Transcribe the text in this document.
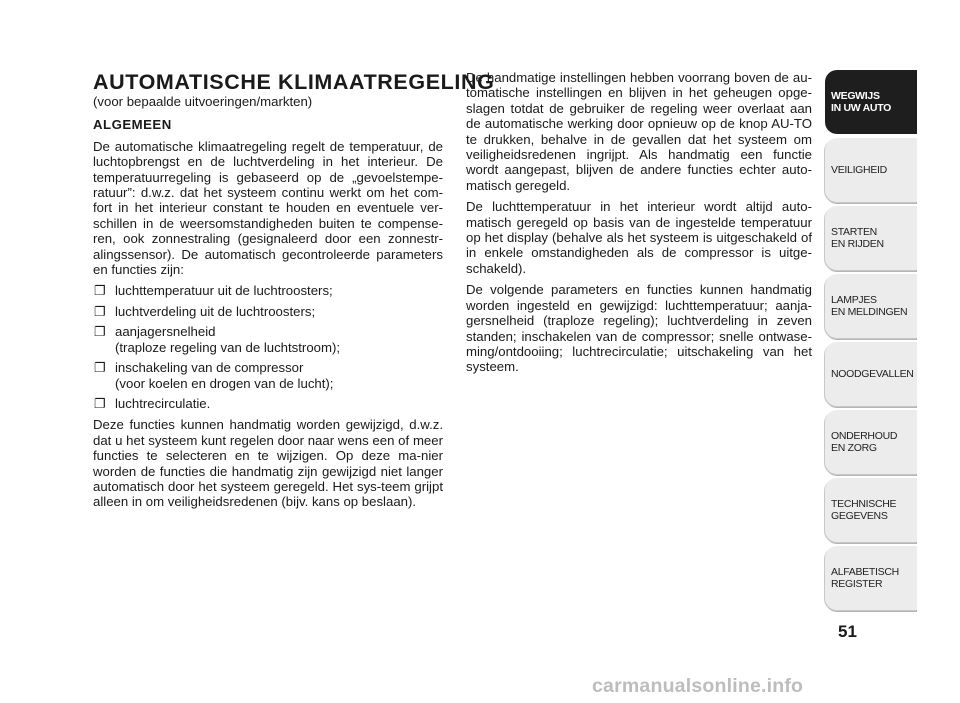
AUTOMATISCHE KLIMAATREGELING
(voor bepaalde uitvoeringen/markten)
ALGEMEEN

De automatische klimaatregeling regelt de temperatuur, de luchtopbrengst en de luchtverdeling in het interieur. De temperatuurregeling is gebaseerd op de „gevoelstempe-ratuur”: d.w.z. dat het systeem continu werkt om het com-fort in het interieur constant te houden en eventuele ver-schillen in de weersomstandigheden buiten te compense-ren, ook zonnestraling (gesignaleerd door een zonnestr-alingssensor). De automatisch gecontroleerde parameters en functies zijn:

❐ luchttemperatuur uit de luchtroosters;
❐ luchtverdeling uit de luchtroosters;
❐ aanjagersnelheid
(traploze regeling van de luchtstroom);
❐ inschakeling van de compressor
(voor koelen en drogen van de lucht);
❐ luchtrecirculatie.

Deze functies kunnen handmatig worden gewijzigd, d.w.z. dat u het systeem kunt regelen door naar wens een of meer functies te selecteren en te wijzigen. Op deze ma-nier worden de functies die handmatig zijn gewijzigd niet langer automatisch door het systeem geregeld. Het sys-teem grijpt alleen in om veiligheidsredenen (bijv. kans op beslaan).

De handmatige instellingen hebben voorrang boven de au-tomatische instellingen en blijven in het geheugen opge-slagen totdat de gebruiker de regeling weer overlaat aan de automatische werking door opnieuw op de knop AU-TO te drukken, behalve in de gevallen dat het systeem om veiligheidsredenen ingrijpt. Als handmatig een functie wordt aangepast, blijven de andere functies echter auto-matisch geregeld.

De luchttemperatuur in het interieur wordt altijd auto-matisch geregeld op basis van de ingestelde temperatuur op het display (behalve als het systeem is uitgeschakeld of in enkele omstandigheden als de compressor is uitge-schakeld).

De volgende parameters en functies kunnen handmatig worden ingesteld en gewijzigd: luchttemperatuur; aanja-gersnelheid (traploze regeling); luchtverdeling in zeven standen; inschakelen van de compressor; snelle ontwase-ming/ontdooiing; luchtrecirculatie; uitschakeling van het systeem.

WEGWIJS
IN UW AUTO
VEILIGHEID
STARTEN
EN RIJDEN
LAMPJES
EN MELDINGEN
NOODGEVALLEN
ONDERHOUD
EN ZORG
TECHNISCHE
GEGEVENS
ALFABETISCH
REGISTER
51
carmanualsonline.info
